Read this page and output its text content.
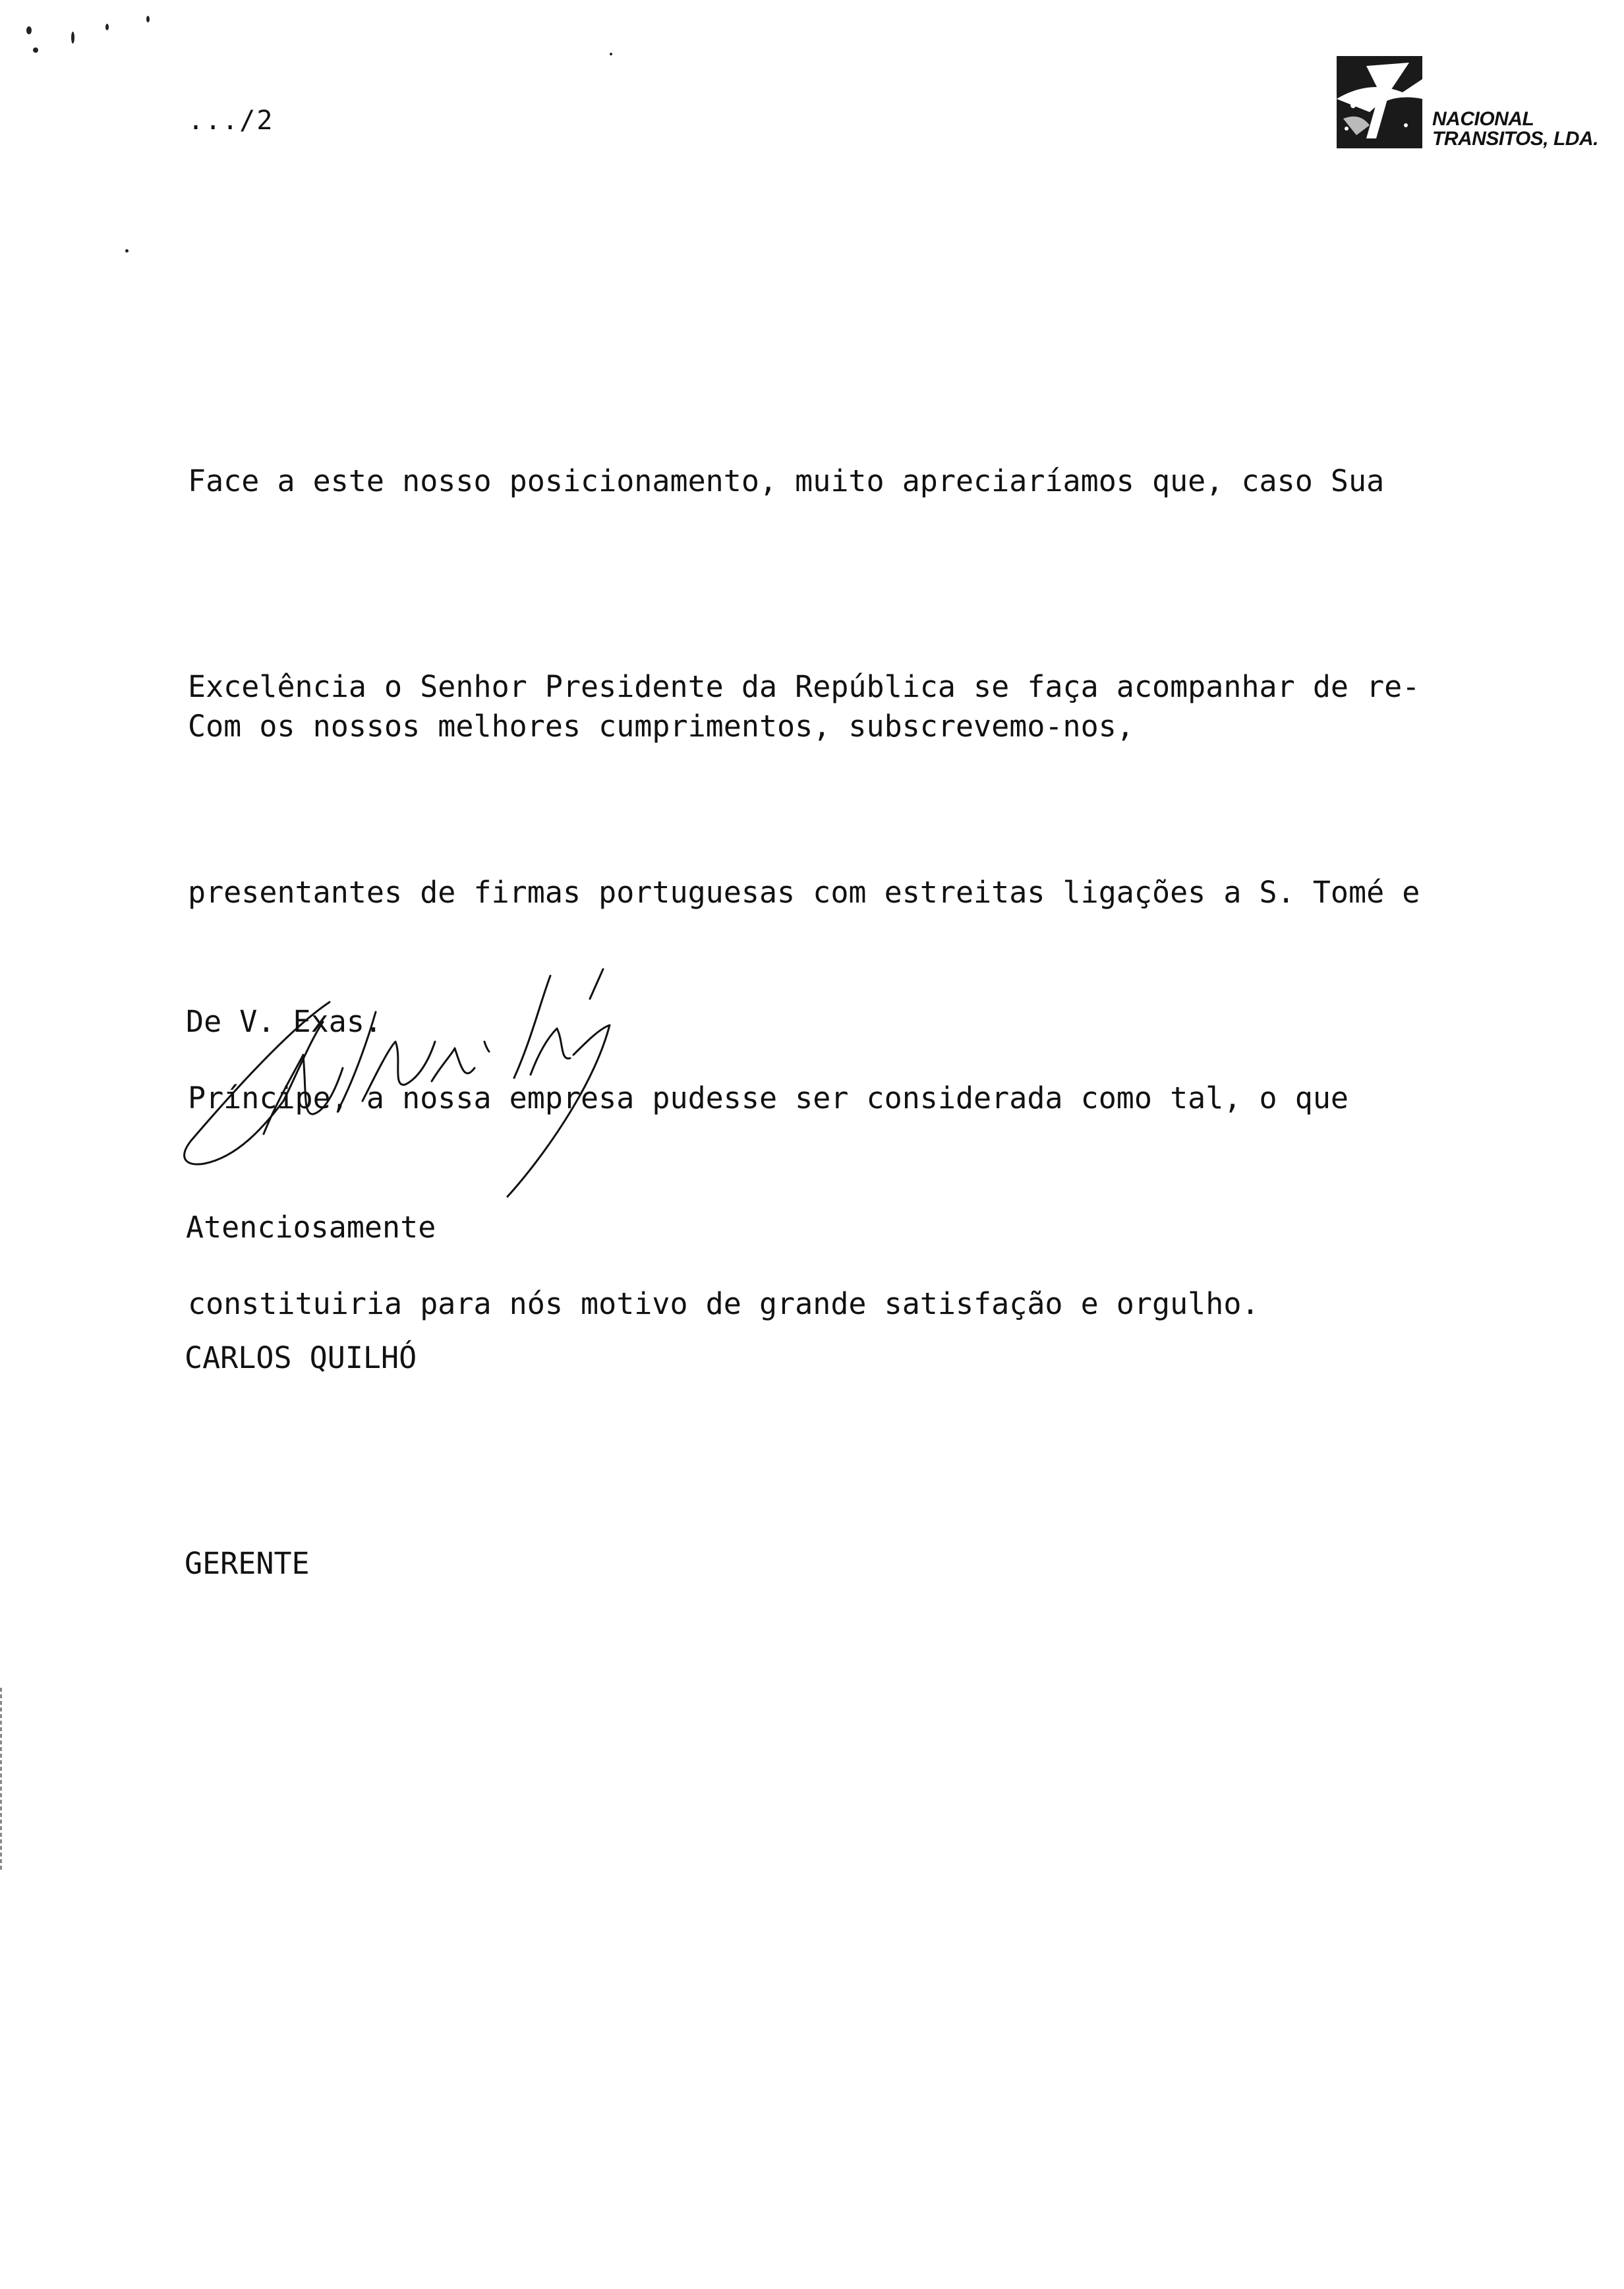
.../2	NACIONAL
TRANSITOS, LDA.

Face a este nosso posicionamento, muito apreciaríamos que, caso Sua

Excelência o Senhor Presidente da República se faça acompanhar de re-

presentantes de firmas portuguesas com estreitas ligações a S. Tomé e

Príncipe, a nossa empresa pudesse ser considerada como tal, o que

constituiria para nós motivo de grande satisfação e orgulho.

Com os nossos melhores cumprimentos, subscrevemo-nos,

De V. Exas.

Atenciosamente

CARLOS QUILHÓ

GERENTE
